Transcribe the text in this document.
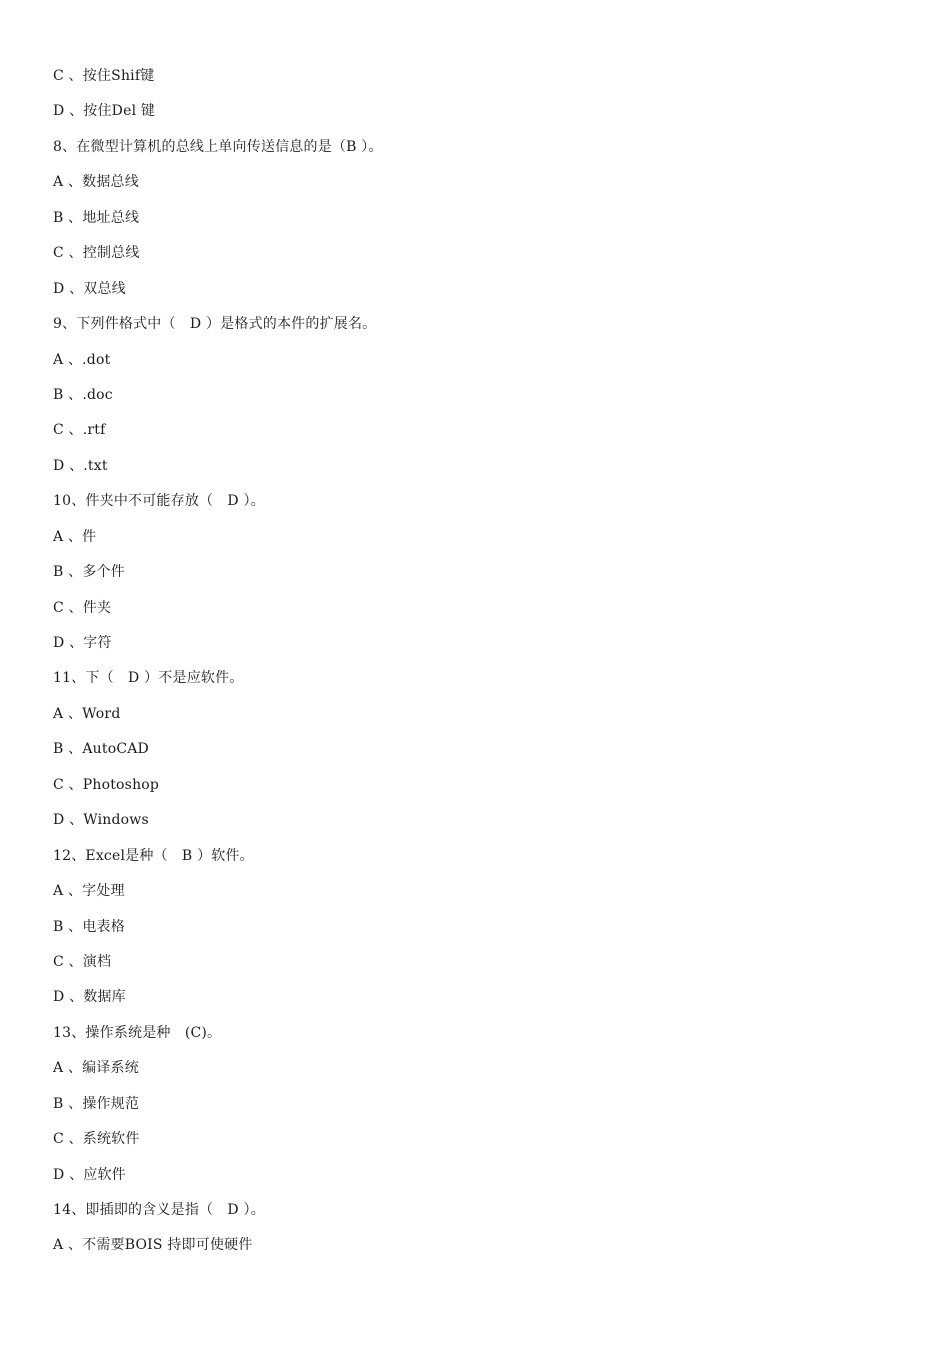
C 、按住Shif键
D 、按住Del 键
8、在微型计算机的总线上单向传送信息的是（B ）。
A 、数据总线
B 、地址总线
C 、控制总线
D 、双总线
9、下列件格式中（　D ）是格式的本件的扩展名。
A 、.dot
B 、.doc
C 、.rtf
D 、.txt
10、件夹中不可能存放（　D ）。
A 、件
B 、多个件
C 、件夹
D 、字符
11、下（　D ）不是应软件。
A 、Word
B 、AutoCAD
C 、Photoshop
D 、Windows
12、Excel是种（　B ）软件。
A 、字处理
B 、电表格
C 、演档
D 、数据库
13、操作系统是种　(C)。
A 、编译系统
B 、操作规范
C 、系统软件
D 、应软件
14、即插即的含义是指（　D ）。
A 、不需要BOIS 持即可使硬件
